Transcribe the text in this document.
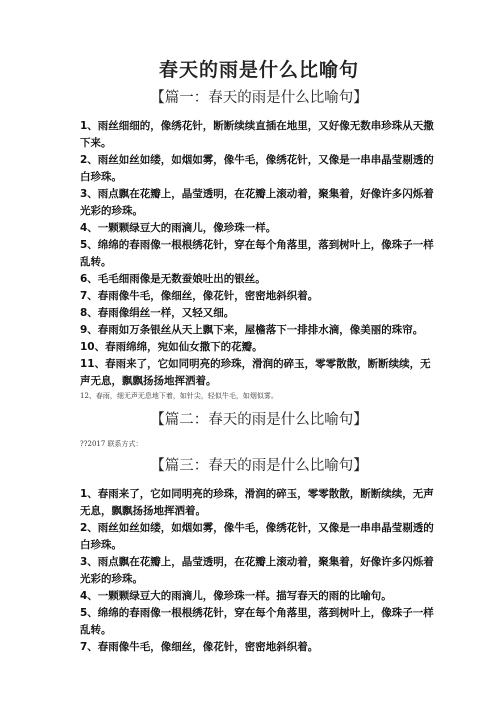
春天的雨是什么比喻句
【篇一：春天的雨是什么比喻句】
1、雨丝细细的，像绣花针，断断续续直插在地里，又好像无数串珍珠从天撒下来。
2、雨丝如丝如缕，如烟如雾，像牛毛，像绣花针，又像是一串串晶莹剔透的白珍珠。
3、雨点飘在花瓣上，晶莹透明，在花瓣上滚动着，聚集着，好像许多闪烁着光彩的珍珠。
4、一颗颗绿豆大的雨滴儿，像珍珠一样。
5、绵绵的春雨像一根根绣花针，穿在每个角落里，落到树叶上，像珠子一样乱转。
6、毛毛细雨像是无数蚕娘吐出的银丝。
7、春雨像牛毛，像细丝，像花针，密密地斜织着。
8、春雨像绢丝一样，又轻又细。
9、春雨如万条银丝从天上飘下来，屋檐落下一排排水滴，像美丽的珠帘。
10、春雨绵绵，宛如仙女撒下的花瓣。
11、春雨来了，它如同明亮的珍珠，滑润的碎玉，零零散散，断断续续，无声无息，飘飘扬扬地挥洒着。

12、春雨，细无声无息地下着，如针尖，轻似牛毛，如烟似雾。

【篇二：春天的雨是什么比喻句】

??2017 联系方式：

【篇三：春天的雨是什么比喻句】
1、春雨来了，它如同明亮的珍珠，滑润的碎玉，零零散散，断断续续，无声无息，飘飘扬扬地挥洒着。
2、雨丝如丝如缕，如烟如雾，像牛毛，像绣花针，又像是一串串晶莹剔透的白珍珠。
3、雨点飘在花瓣上，晶莹透明，在花瓣上滚动着，聚集着，好像许多闪烁着光彩的珍珠。
4、一颗颗绿豆大的雨滴儿，像珍珠一样。描写春天的雨的比喻句。
5、绵绵的春雨像一根根绣花针，穿在每个角落里，落到树叶上，像珠子一样乱转。
7、春雨像牛毛，像细丝，像花针，密密地斜织着。
